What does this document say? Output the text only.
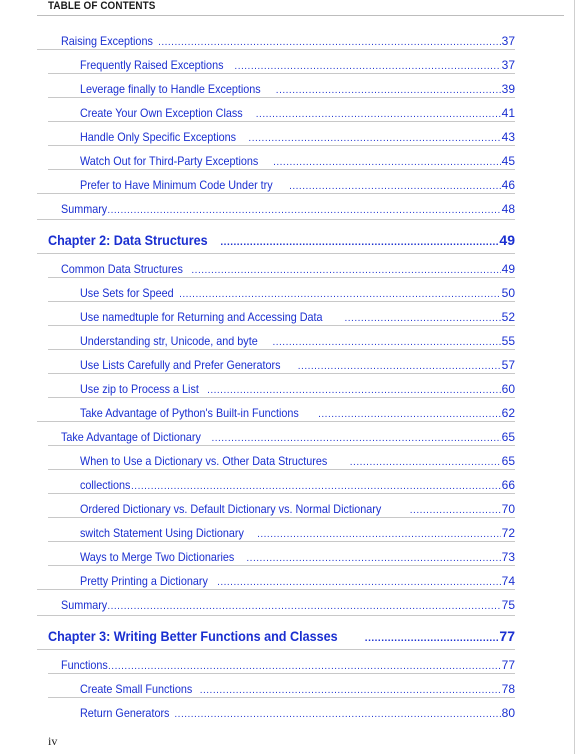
TABLE OF CONTENTS
Raising Exceptions .....	37
Frequently Raised Exceptions .....	37
Leverage finally to Handle Exceptions .....	39
Create Your Own Exception Class .....	41
Handle Only Specific Exceptions .....	43
Watch Out for Third-Party Exceptions .....	45
Prefer to Have Minimum Code Under try .....	46
Summary .....	48
Chapter 2: Data Structures .....	49
Common Data Structures .....	49
Use Sets for Speed .....	50
Use namedtuple for Returning and Accessing Data .....	52
Understanding str, Unicode, and byte .....	55
Use Lists Carefully and Prefer Generators .....	57
Use zip to Process a List .....	60
Take Advantage of Python's Built-in Functions .....	62
Take Advantage of Dictionary .....	65
When to Use a Dictionary vs. Other Data Structures .....	65
collections .....	66
Ordered Dictionary vs. Default Dictionary vs. Normal Dictionary .....	70
switch Statement Using Dictionary .....	72
Ways to Merge Two Dictionaries .....	73
Pretty Printing a Dictionary .....	74
Summary .....	75
Chapter 3: Writing Better Functions and Classes .....	77
Functions .....	77
Create Small Functions .....	78
Return Generators .....	80
iv
